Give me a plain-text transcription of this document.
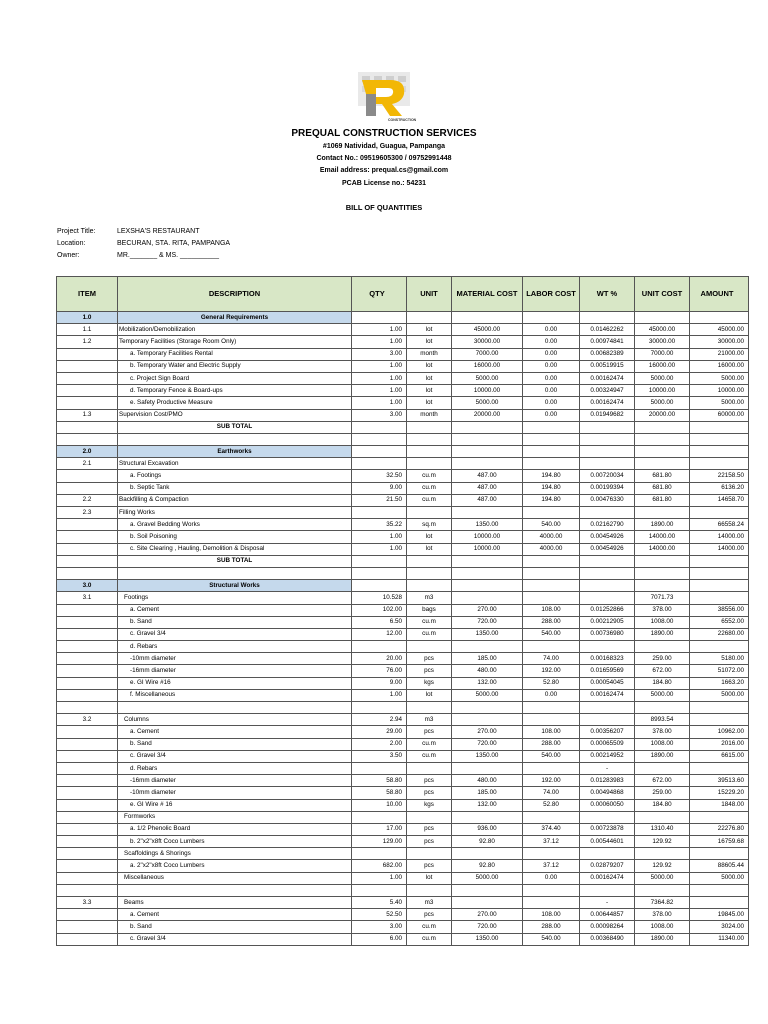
CONSTRUCTION
PREQUAL CONSTRUCTION SERVICES
#1069 Natividad, Guagua, Pampanga
Contact No.: 09519605300 / 09752991448
Email address: prequal.cs@gmail.com
PCAB License no.: 54231
BILL OF QUANTITIES
Project Title:	LEXSHA'S RESTAURANT
Location:	BECURAN, STA. RITA, PAMPANGA
Owner:	MR._______ & MS. __________
ITEM	DESCRIPTION	QTY	UNIT	MATERIAL COST	LABOR COST	WT %	UNIT COST	AMOUNT
1.0	General Requirements							
1.1	Mobilization/Demobilization	1.00	lot	45000.00	0.00	0.01462262	45000.00	45000.00
1.2	Temporary Facilities (Storage Room Only)	1.00	lot	30000.00	0.00	0.00974841	30000.00	30000.00
	a. Temporary Facilities Rental	3.00	month	7000.00	0.00	0.00682389	7000.00	21000.00
	b. Temporary Water and Electric Supply	1.00	lot	16000.00	0.00	0.00519915	16000.00	16000.00
	c. Project Sign Board	1.00	lot	5000.00	0.00	0.00162474	5000.00	5000.00
	d. Temporary Fence & Board-ups	1.00	lot	10000.00	0.00	0.00324947	10000.00	10000.00
	e. Safety Productive Measure	1.00	lot	5000.00	0.00	0.00162474	5000.00	5000.00
1.3	Supervision Cost/PMO	3.00	month	20000.00	0.00	0.01949682	20000.00	60000.00
	SUB TOTAL							

2.0	Earthworks							
2.1	Structural Excavation							
	a. Footings	32.50	cu.m	487.00	194.80	0.00720034	681.80	22158.50
	b. Septic Tank	9.00	cu.m	487.00	194.80	0.00199394	681.80	6136.20
2.2	Backfilling & Compaction	21.50	cu.m	487.00	194.80	0.00476330	681.80	14658.70
2.3	Filling Works							
	a. Gravel Bedding Works	35.22	sq.m	1350.00	540.00	0.02162790	1890.00	66558.24
	b. Soil Poisoning	1.00	lot	10000.00	4000.00	0.00454926	14000.00	14000.00
	c. Site Clearing , Hauling, Demolition & Disposal	1.00	lot	10000.00	4000.00	0.00454926	14000.00	14000.00
	SUB TOTAL							

3.0	Structural Works							
3.1	Footings	10.528	m3				7071.73	
	a. Cement	102.00	bags	270.00	108.00	0.01252866	378.00	38556.00
	b. Sand	6.50	cu.m	720.00	288.00	0.00212905	1008.00	6552.00
	c. Gravel 3/4	12.00	cu.m	1350.00	540.00	0.00736980	1890.00	22680.00
	d. Rebars							
	-10mm diameter	20.00	pcs	185.00	74.00	0.00168323	259.00	5180.00
	-16mm diameter	76.00	pcs	480.00	192.00	0.01659569	672.00	51072.00
	e. GI Wire #16	9.00	kgs	132.00	52.80	0.00054045	184.80	1663.20
	f. Miscellaneous	1.00	lot	5000.00	0.00	0.00162474	5000.00	5000.00

3.2	Columns	2.94	m3				8993.54	
	a. Cement	29.00	pcs	270.00	108.00	0.00356207	378.00	10962.00
	b. Sand	2.00	cu.m	720.00	288.00	0.00065509	1008.00	2016.00
	c. Gravel 3/4	3.50	cu.m	1350.00	540.00	0.00214952	1890.00	6615.00
	d. Rebars					-		
	-16mm diameter	58.80	pcs	480.00	192.00	0.01283983	672.00	39513.60
	-10mm diameter	58.80	pcs	185.00	74.00	0.00494868	259.00	15229.20
	e. GI Wire # 16	10.00	kgs	132.00	52.80	0.00060050	184.80	1848.00
	Formworks							
	a. 1/2 Phenolic Board	17.00	pcs	936.00	374.40	0.00723878	1310.40	22276.80
	b. 2"x2"x8ft Coco Lumbers	129.00	pcs	92.80	37.12	0.00544601	129.92	16759.68
	Scaffoldings & Shorings							
	a. 2"x2"x8ft Coco Lumbers	682.00	pcs	92.80	37.12	0.02879207	129.92	88605.44
	Miscellaneous	1.00	lot	5000.00	0.00	0.00162474	5000.00	5000.00

3.3	Beams	5.40	m3			-	7364.82	
	a. Cement	52.50	pcs	270.00	108.00	0.00644857	378.00	19845.00
	b. Sand	3.00	cu.m	720.00	288.00	0.00098264	1008.00	3024.00
	c. Gravel 3/4	6.00	cu.m	1350.00	540.00	0.00368490	1890.00	11340.00
